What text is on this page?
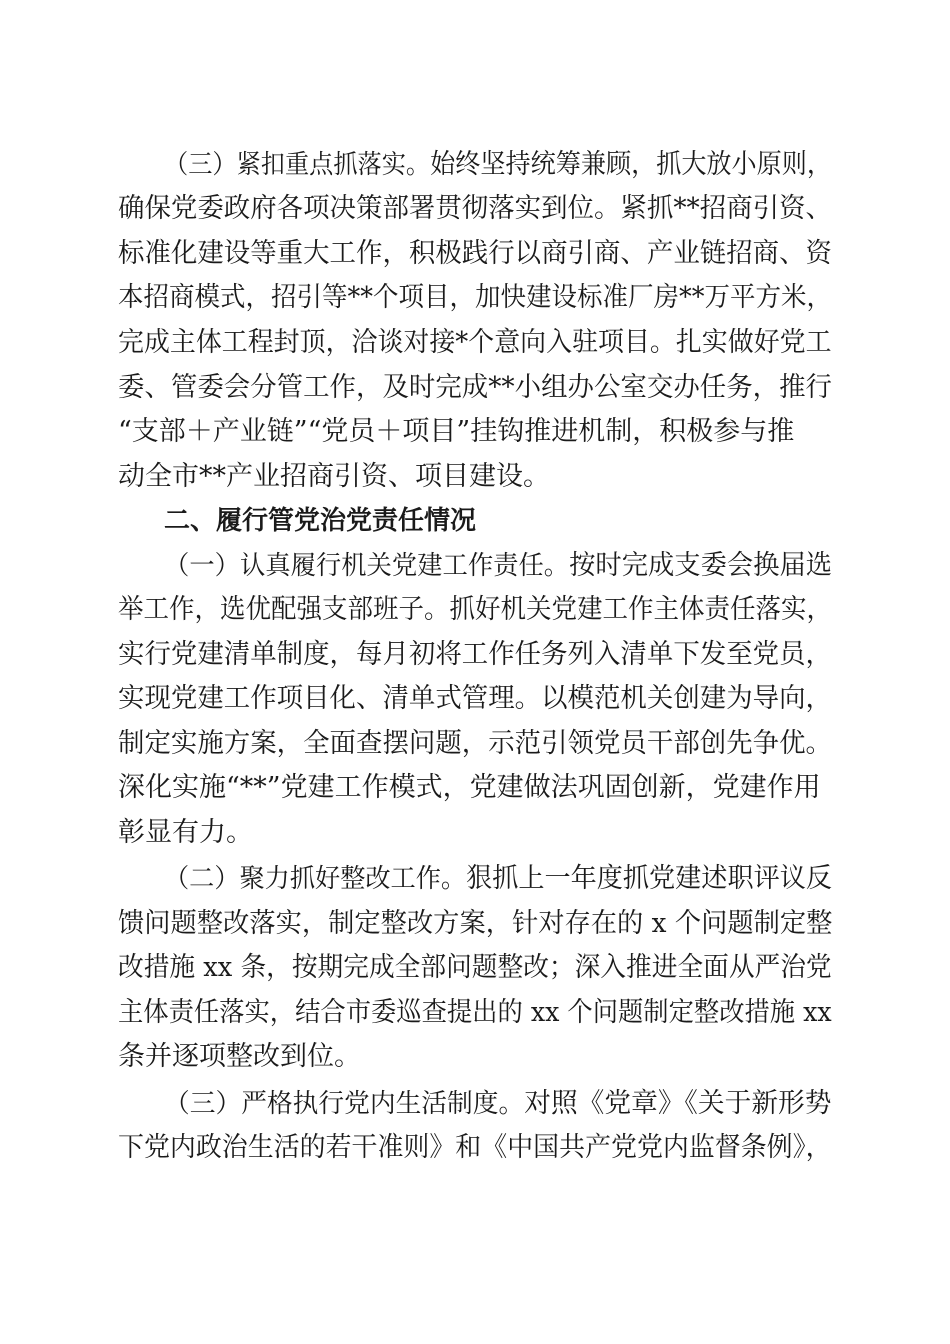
（三）紧扣重点抓落实。始终坚持统筹兼顾，抓大放小原则，
确保党委政府各项决策部署贯彻落实到位。紧抓**招商引资、
标准化建设等重大工作，积极践行以商引商、产业链招商、资
本招商模式，招引等**个项目，加快建设标准厂房**万平方米，
完成主体工程封顶，洽谈对接*个意向入驻项目。扎实做好党工
委、管委会分管工作，及时完成**小组办公室交办任务，推行
“支部＋产业链”“党员＋项目”挂钩推进机制，积极参与推
动全市**产业招商引资、项目建设。
二、履行管党治党责任情况
（一）认真履行机关党建工作责任。按时完成支委会换届选
举工作，选优配强支部班子。抓好机关党建工作主体责任落实，
实行党建清单制度，每月初将工作任务列入清单下发至党员，
实现党建工作项目化、清单式管理。以模范机关创建为导向，
制定实施方案，全面查摆问题，示范引领党员干部创先争优。
深化实施“**”党建工作模式，党建做法巩固创新，党建作用
彰显有力。
（二）聚力抓好整改工作。狠抓上一年度抓党建述职评议反
馈问题整改落实，制定整改方案，针对存在的 x 个问题制定整
改措施 xx 条，按期完成全部问题整改；深入推进全面从严治党
主体责任落实，结合市委巡查提出的 xx 个问题制定整改措施 xx
条并逐项整改到位。
（三）严格执行党内生活制度。对照《党章》《关于新形势
下党内政治生活的若干准则》和《中国共产党党内监督条例》，
